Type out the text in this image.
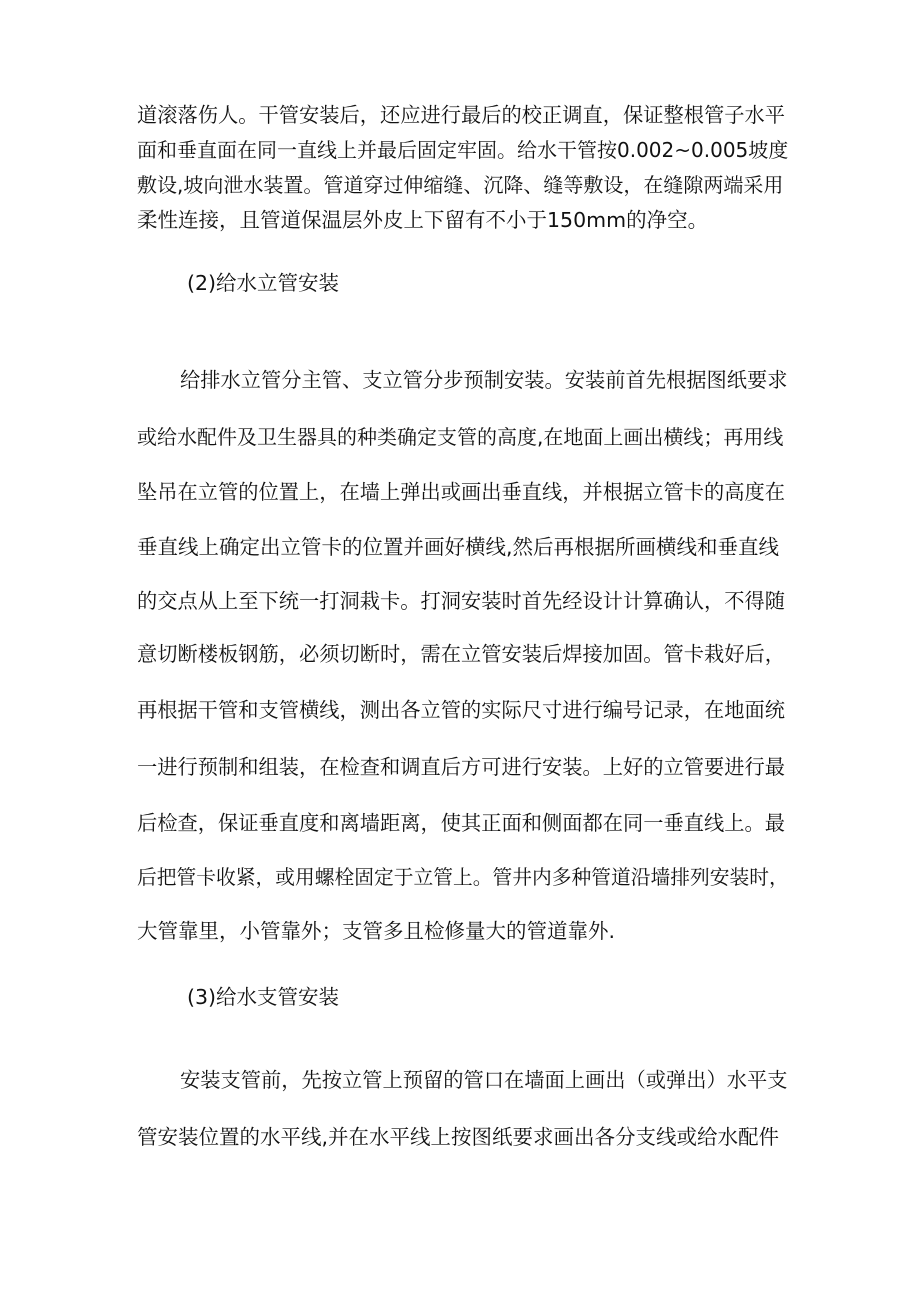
道滚落伤人。干管安装后，还应进行最后的校正调直，保证整根管子水平
面和垂直面在同一直线上并最后固定牢固。给水干管按0.002~0.005坡度
敷设,坡向泄水装置。管道穿过伸缩缝、沉降、缝等敷设，在缝隙两端采用
柔性连接，且管道保温层外皮上下留有不小于150mm的净空。
(2)给水立管安装
给排水立管分主管、支立管分步预制安装。安装前首先根据图纸要求
或给水配件及卫生器具的种类确定支管的高度,在地面上画出横线；再用线
坠吊在立管的位置上，在墙上弹出或画出垂直线，并根据立管卡的高度在
垂直线上确定出立管卡的位置并画好横线,然后再根据所画横线和垂直线
的交点从上至下统一打洞栽卡。打洞安装时首先经设计计算确认，不得随
意切断楼板钢筋，必须切断时，需在立管安装后焊接加固。管卡栽好后，
再根据干管和支管横线，测出各立管的实际尺寸进行编号记录，在地面统
一进行预制和组装，在检查和调直后方可进行安装。上好的立管要进行最
后检查，保证垂直度和离墙距离，使其正面和侧面都在同一垂直线上。最
后把管卡收紧，或用螺栓固定于立管上。管井内多种管道沿墙排列安装时，
大管靠里，小管靠外；支管多且检修量大的管道靠外.
(3)给水支管安装
安装支管前，先按立管上预留的管口在墙面上画出（或弹出）水平支
管安装位置的水平线,并在水平线上按图纸要求画出各分支线或给水配件
